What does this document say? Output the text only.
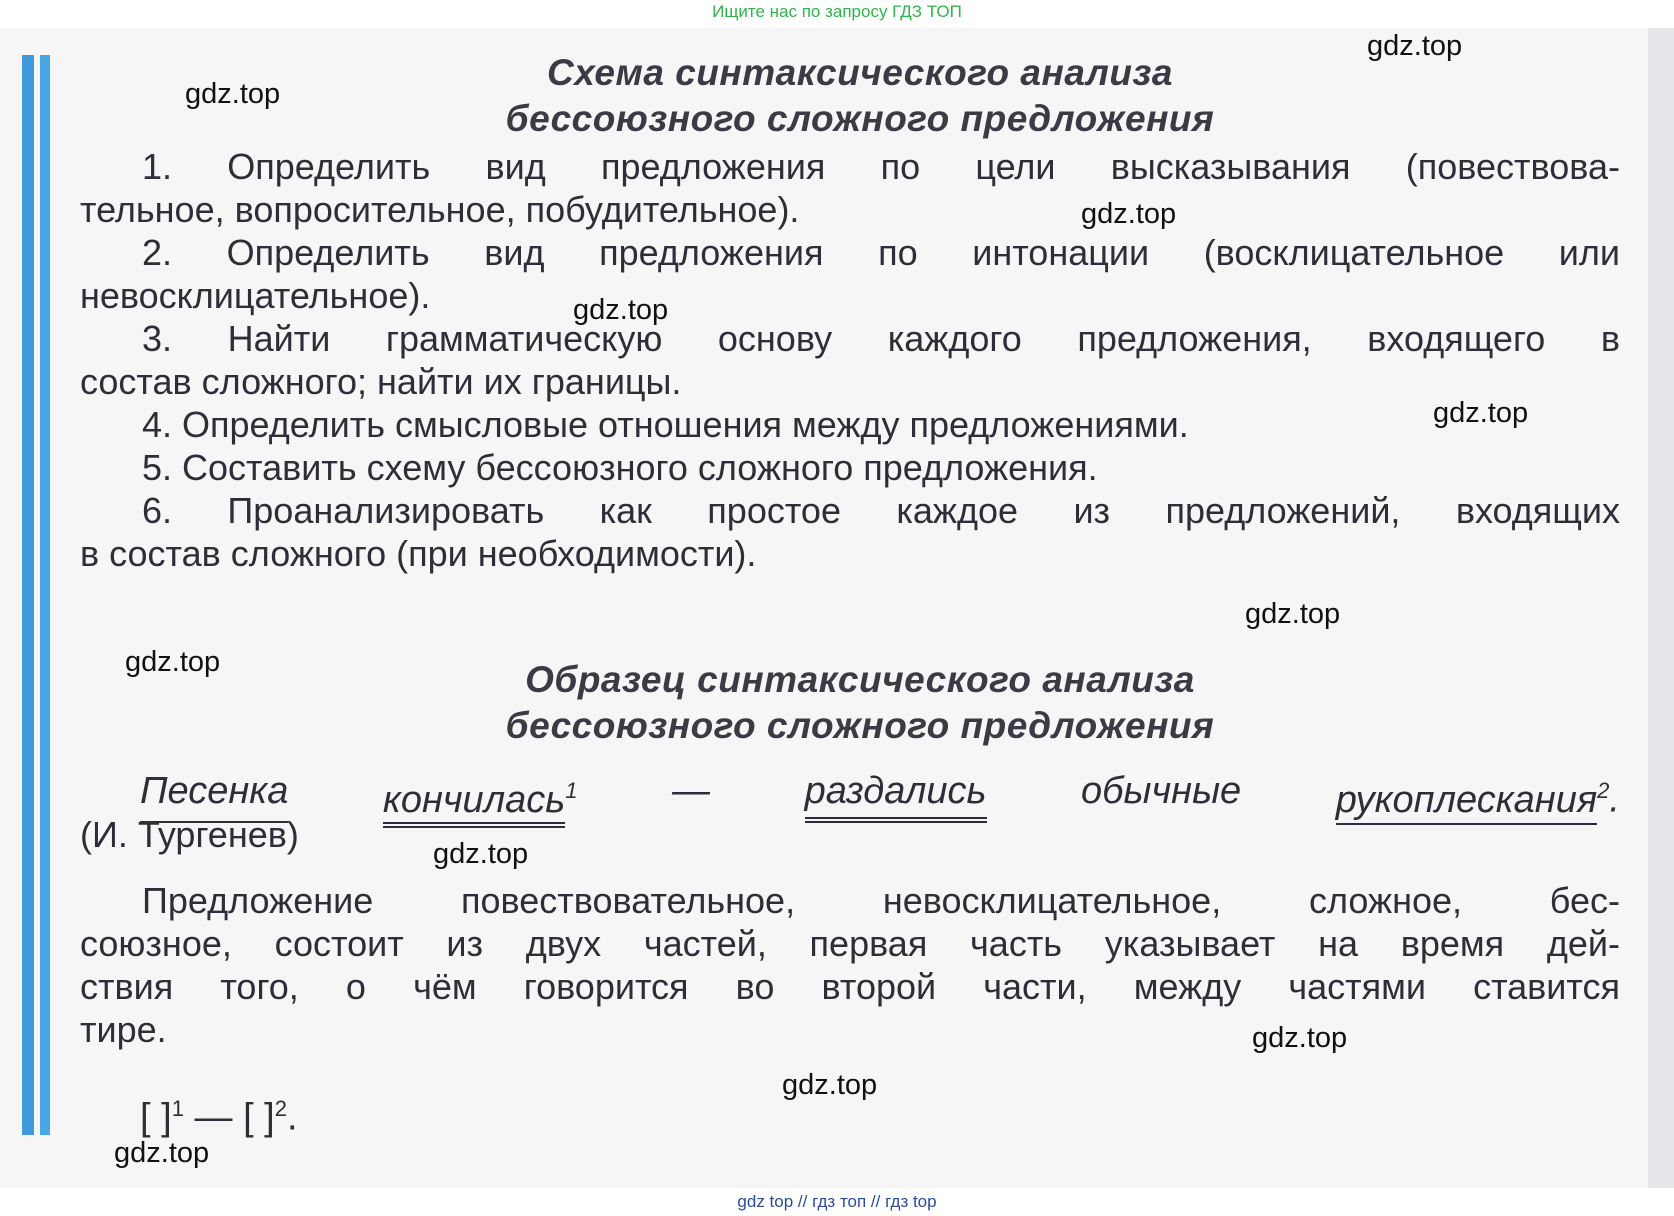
Ищите нас по запросу ГДЗ ТОП
Схема синтаксического анализа
бессоюзного сложного предложения
1. Определить вид предложения по цели высказывания (повествова-
тельное, вопросительное, побудительное).
2. Определить вид предложения по интонации (восклицательное или
невосклицательное).
3. Найти грамматическую основу каждого предложения, входящего в
состав сложного; найти их границы.
4. Определить смысловые отношения между предложениями.
5. Составить схему бессоюзного сложного предложения.
6. Проанализировать как простое каждое из предложений, входящих
в состав сложного (при необходимости).
Образец синтаксического анализа
бессоюзного сложного предложения
Песенка кончилась$^1$ — раздались обычные рукоплескания$^2$.
(И. Тургенев)
Предложение повествовательное, невосклицательное, сложное, бес-
союзное, состоит из двух частей, первая часть указывает на время дей-
ствия того, о чём говорится во второй части, между частями ставится
тире.
[ ]$^1$ — [ ]$^2$.
gdz.top
gdz.top
gdz.top
gdz.top
gdz.top
gdz.top
gdz.top
gdz.top
gdz.top
gdz.top
gdz.top
gdz top // гдз топ // гдз top
